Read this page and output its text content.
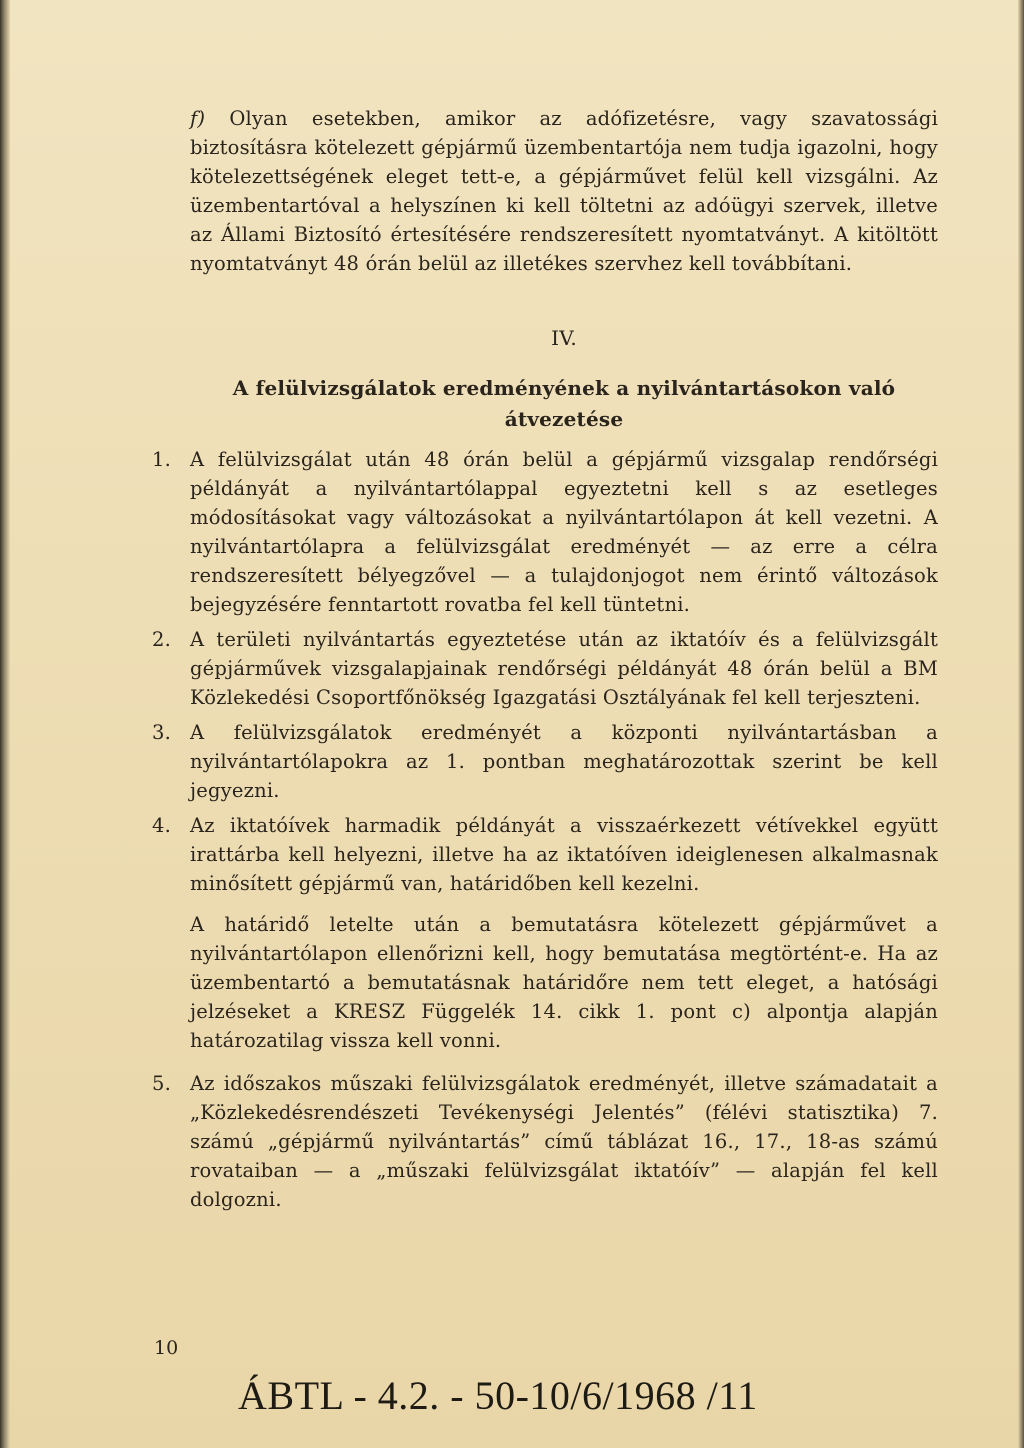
f) Olyan esetekben, amikor az adófizetésre, vagy szavatossági biztosításra kötelezett gépjármű üzembentartója nem tudja igazolni, hogy kötelezettségének eleget tett-e, a gépjárművet felül kell vizsgálni. Az üzembentartóval a helyszínen ki kell töltetni az adóügyi szervek, illetve az Állami Biztosító értesítésére rendszeresített nyomtatványt. A kitöltött nyomtatványt 48 órán belül az illetékes szervhez kell továbbítani.

IV.
A felülvizsgálatok eredményének a nyilvántartásokon való
átvezetése
1. A felülvizsgálat után 48 órán belül a gépjármű vizsgalap rendőrségi példányát a nyilvántartólappal egyeztetni kell s az esetleges módosításokat vagy változásokat a nyilvántartólapon át kell vezetni. A nyilvántartólapra a felülvizsgálat eredményét — az erre a célra rendszeresített bélyegzővel — a tulajdonjogot nem érintő változások bejegyzésére fenntartott rovatba fel kell tüntetni.

2. A területi nyilvántartás egyeztetése után az iktatóív és a felülvizsgált gépjárművek vizsgalapjainak rendőrségi példányát 48 órán belül a BM Közlekedési Csoportfőnökség Igazgatási Osztályának fel kell terjeszteni.

3. A felülvizsgálatok eredményét a központi nyilvántartásban a nyilvántartólapokra az 1. pontban meghatározottak szerint be kell jegyezni.

4. Az iktatóívek harmadik példányát a visszaérkezett vétívekkel együtt irattárba kell helyezni, illetve ha az iktatóíven ideiglenesen alkalmasnak minősített gépjármű van, határidőben kell kezelni.

A határidő letelte után a bemutatásra kötelezett gépjárművet a nyilvántartólapon ellenőrizni kell, hogy bemutatása megtörtént-e. Ha az üzembentartó a bemutatásnak határidőre nem tett eleget, a hatósági jelzéseket a KRESZ Függelék 14. cikk 1. pont c) alpontja alapján határozatilag vissza kell vonni.

5. Az időszakos műszaki felülvizsgálatok eredményét, illetve számadatait a „Közlekedésrendészeti Tevékenységi Jelentés” (félévi statisztika) 7. számú „gépjármű nyilvántartás” című táblázat 16., 17., 18-as számú rovataiban — a „műszaki felülvizsgálat iktatóív” — alapján fel kell dolgozni.

10
ÁBTL - 4.2. - 50-10/6/1968 /11
